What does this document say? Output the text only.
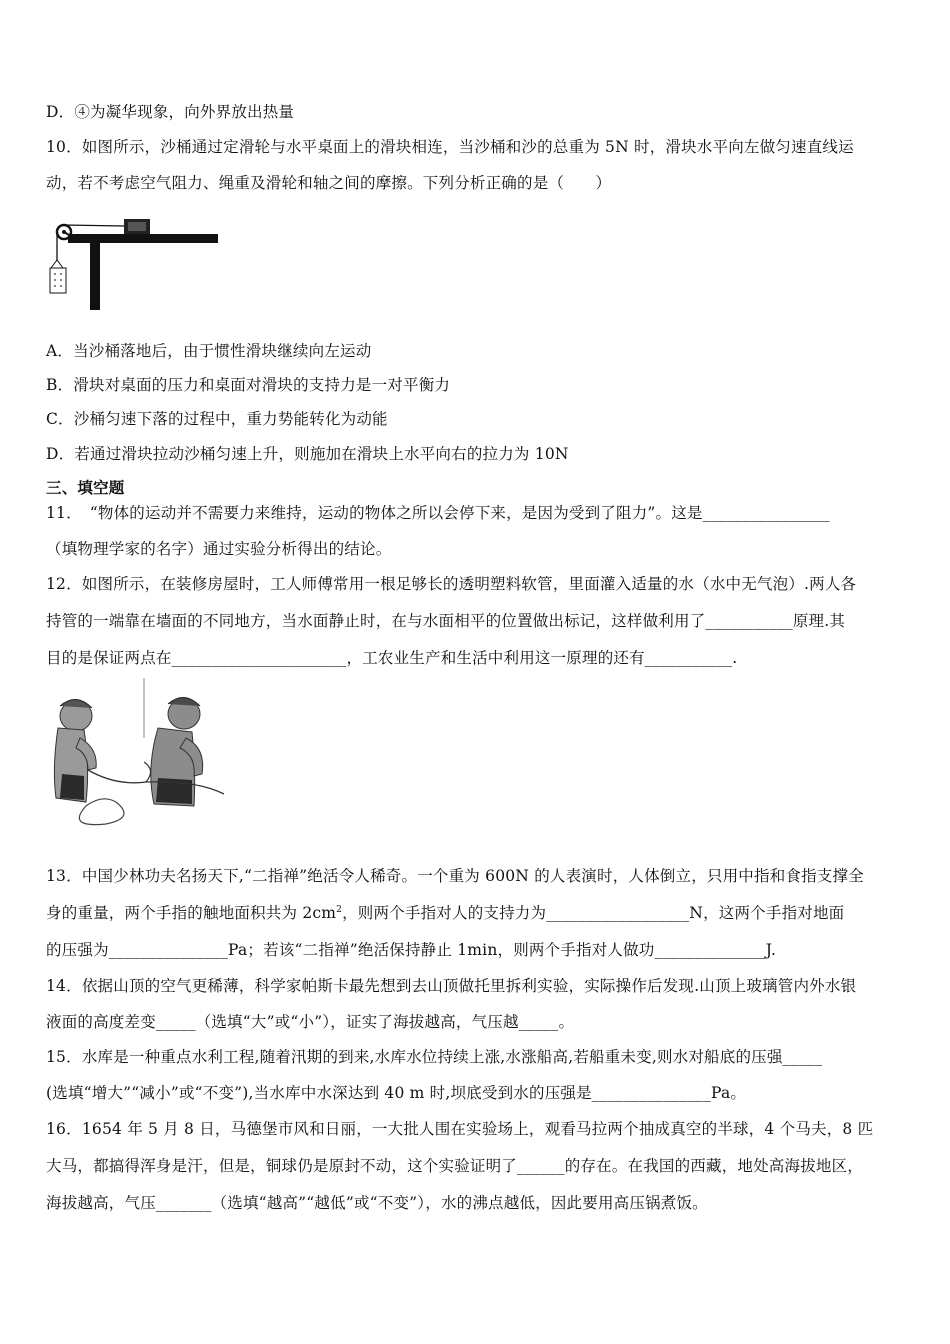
D．④为凝华现象，向外界放出热量
10．如图所示，沙桶通过定滑轮与水平桌面上的滑块相连，当沙桶和沙的总重为 5N 时，滑块水平向左做匀速直线运
动，若不考虑空气阻力、绳重及滑轮和轴之间的摩擦。下列分析正确的是（　　）
A．当沙桶落地后，由于惯性滑块继续向左运动
B．滑块对桌面的压力和桌面对滑块的支持力是一对平衡力
C．沙桶匀速下落的过程中，重力势能转化为动能
D．若通过滑块拉动沙桶匀速上升，则施加在滑块上水平向右的拉力为 10N
三、填空题
11．　“物体的运动并不需要力来维持，运动的物体之所以会停下来，是因为受到了阻力”。这是________________
（填物理学家的名字）通过实验分析得出的结论。
12．如图所示，在装修房屋时，工人师傅常用一根足够长的透明塑料软管，里面灌入适量的水（水中无气泡）.两人各
持管的一端靠在墙面的不同地方，当水面静止时，在与水面相平的位置做出标记，这样做利用了___________原理.其
目的是保证两点在______________________，工农业生产和生活中利用这一原理的还有___________.
13．中国少林功夫名扬天下,“二指禅”绝活令人稀奇。一个重为 600N 的人表演时，人体倒立，只用中指和食指支撑全
身的重量，两个手指的触地面积共为 $2cm^2$，则两个手指对人的支持力为__________________N，这两个手指对地面
的压强为_______________Pa；若该“二指禅”绝活保持静止 1min，则两个手指对人做功______________J.
14．依据山顶的空气更稀薄，科学家帕斯卡最先想到去山顶做托里拆利实验，实际操作后发现.山顶上玻璃管内外水银
液面的高度差变_____（选填“大”或“小”），证实了海拔越高，气压越_____。
15．水库是一种重点水利工程,随着汛期的到来,水库水位持续上涨,水涨船高,若船重未变,则水对船底的压强_____
(选填“增大”“减小”或“不变”),当水库中水深达到 40 m 时,坝底受到水的压强是_______________Pa。
16．1654 年 5 月 8 日，马德堡市风和日丽，一大批人围在实验场上，观看马拉两个抽成真空的半球，4 个马夫，8 匹
大马，都搞得浑身是汗，但是，铜球仍是原封不动，这个实验证明了______的存在。在我国的西藏，地处高海拔地区，
海拔越高，气压_______（选填“越高”“越低”或“不变”），水的沸点越低，因此要用高压锅煮饭。
